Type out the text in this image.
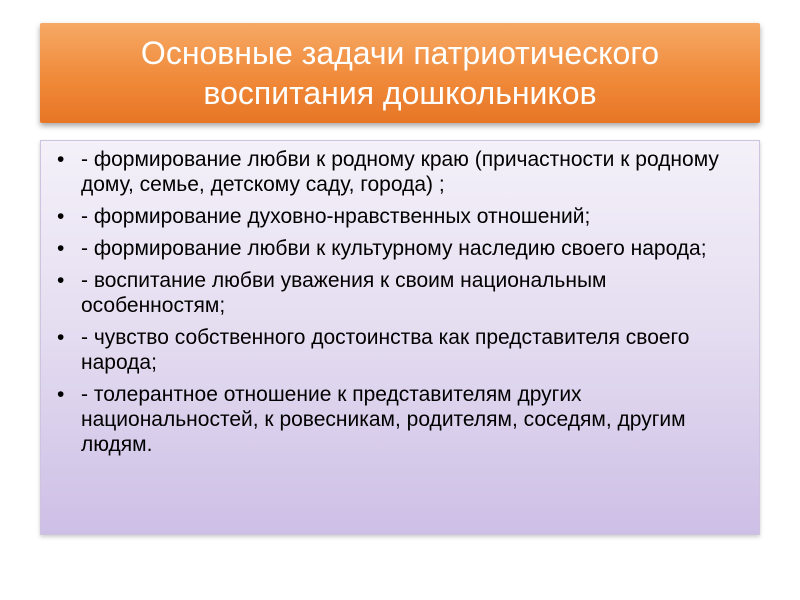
Основные задачи патриотического
воспитания дошкольников
• - формирование любви к родному краю (причастности к родному дому, семье, детскому саду, города) ;
• - формирование духовно-нравственных отношений;
• - формирование любви к культурному наследию своего народа;
• - воспитание любви уважения к своим национальным особенностям;
• - чувство собственного достоинства как представителя своего народа;
• - толерантное отношение к представителям других национальностей, к ровесникам, родителям, соседям, другим людям.
